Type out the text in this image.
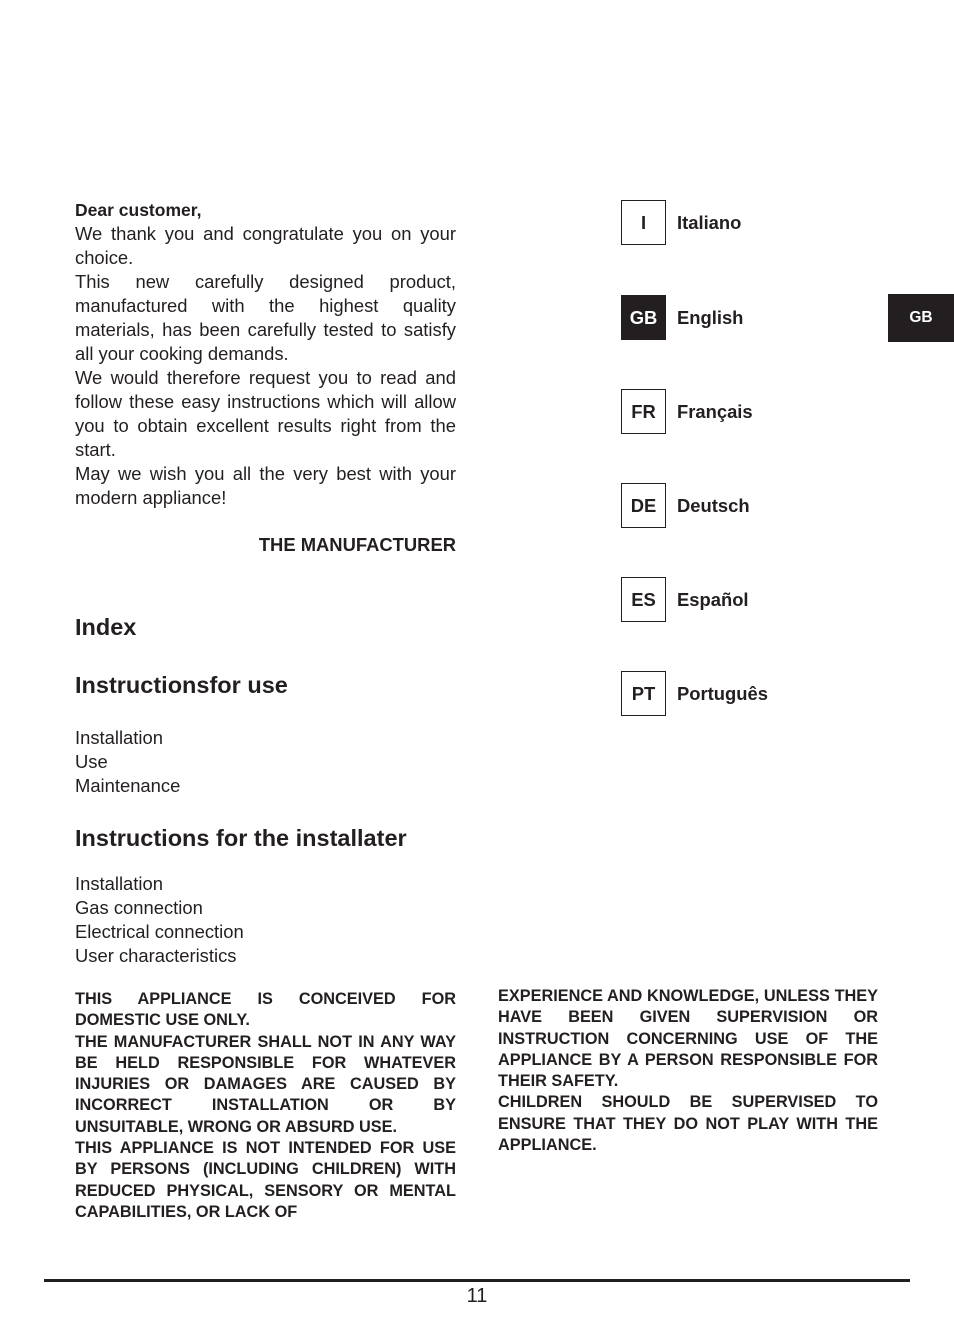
Dear customer,

We thank you and congratulate you on your choice.

This new carefully designed product, manufactured with the highest quality materials, has been carefully tested to satisfy all your cooking demands.

We would therefore request you to read and follow these easy instructions which will allow you to obtain excellent results right from the start.

May we wish you all the very best with your modern appliance!

THE MANUFACTURER
Index
Instructionsfor use
Installation
Use
Maintenance
Instructions for the installater
Installation
Gas connection
Electrical connection
User characteristics
I	Italiano
GB	English
FR	Français
DE	Deutsch
ES	Español
PT	Português
GB

THIS APPLIANCE IS CONCEIVED FOR DOMESTIC USE ONLY.

THE MANUFACTURER SHALL NOT IN ANY WAY BE HELD RESPONSIBLE FOR WHATEVER INJURIES OR DAMAGES ARE CAUSED BY INCORRECT INSTALLATION OR BY UNSUITABLE, WRONG OR ABSURD USE.

THIS APPLIANCE IS NOT INTENDED FOR USE BY PERSONS (INCLUDING CHILDREN) WITH REDUCED PHYSICAL, SENSORY OR MENTAL CAPABILITIES, OR LACK OF

EXPERIENCE AND KNOWLEDGE, UNLESS THEY HAVE BEEN GIVEN SUPERVISION OR INSTRUCTION CONCERNING USE OF THE APPLIANCE BY A PERSON RESPONSIBLE FOR THEIR SAFETY.

CHILDREN SHOULD BE SUPERVISED TO ENSURE THAT THEY DO NOT PLAY WITH THE APPLIANCE.

11
